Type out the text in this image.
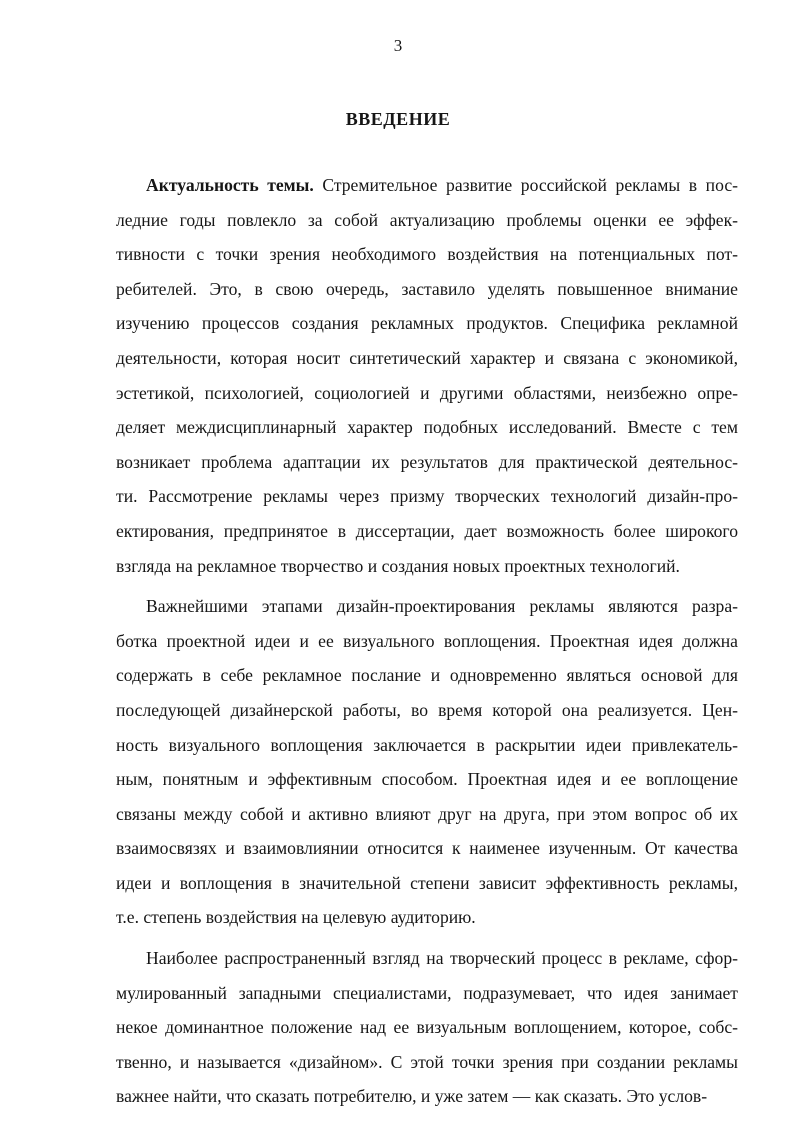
3
ВВЕДЕНИЕ
Актуальность темы. Стремительное развитие российской рекламы в пос-
ледние годы повлекло за собой актуализацию проблемы оценки ее эффек-
тивности с точки зрения необходимого воздействия на потенциальных пот-
ребителей. Это, в свою очередь, заставило уделять повышенное внимание
изучению процессов создания рекламных продуктов. Специфика рекламной
деятельности, которая носит синтетический характер и связана с экономикой,
эстетикой, психологией, социологией и другими областями, неизбежно опре-
деляет междисциплинарный характер подобных исследований. Вместе с тем
возникает проблема адаптации их результатов для практической деятельнос-
ти. Рассмотрение рекламы через призму творческих технологий дизайн-про-
ектирования, предпринятое в диссертации, дает возможность более широкого
взгляда на рекламное творчество и создания новых проектных технологий.
Важнейшими этапами дизайн-проектирования рекламы являются разра-
ботка проектной идеи и ее визуального воплощения. Проектная идея должна
содержать в себе рекламное послание и одновременно являться основой для
последующей дизайнерской работы, во время которой она реализуется. Цен-
ность визуального воплощения заключается в раскрытии идеи привлекатель-
ным, понятным и эффективным способом. Проектная идея и ее воплощение
связаны между собой и активно влияют друг на друга, при этом вопрос об их
взаимосвязях и взаимовлиянии относится к наименее изученным. От качества
идеи и воплощения в значительной степени зависит эффективность рекламы,
т.е. степень воздействия на целевую аудиторию.
Наиболее распространенный взгляд на творческий процесс в рекламе, сфор-
мулированный западными специалистами, подразумевает, что идея занимает
некое доминантное положение над ее визуальным воплощением, которое, собс-
твенно, и называется «дизайном». С этой точки зрения при создании рекламы
важнее найти, что сказать потребителю, и уже затем — как сказать. Это услов-
